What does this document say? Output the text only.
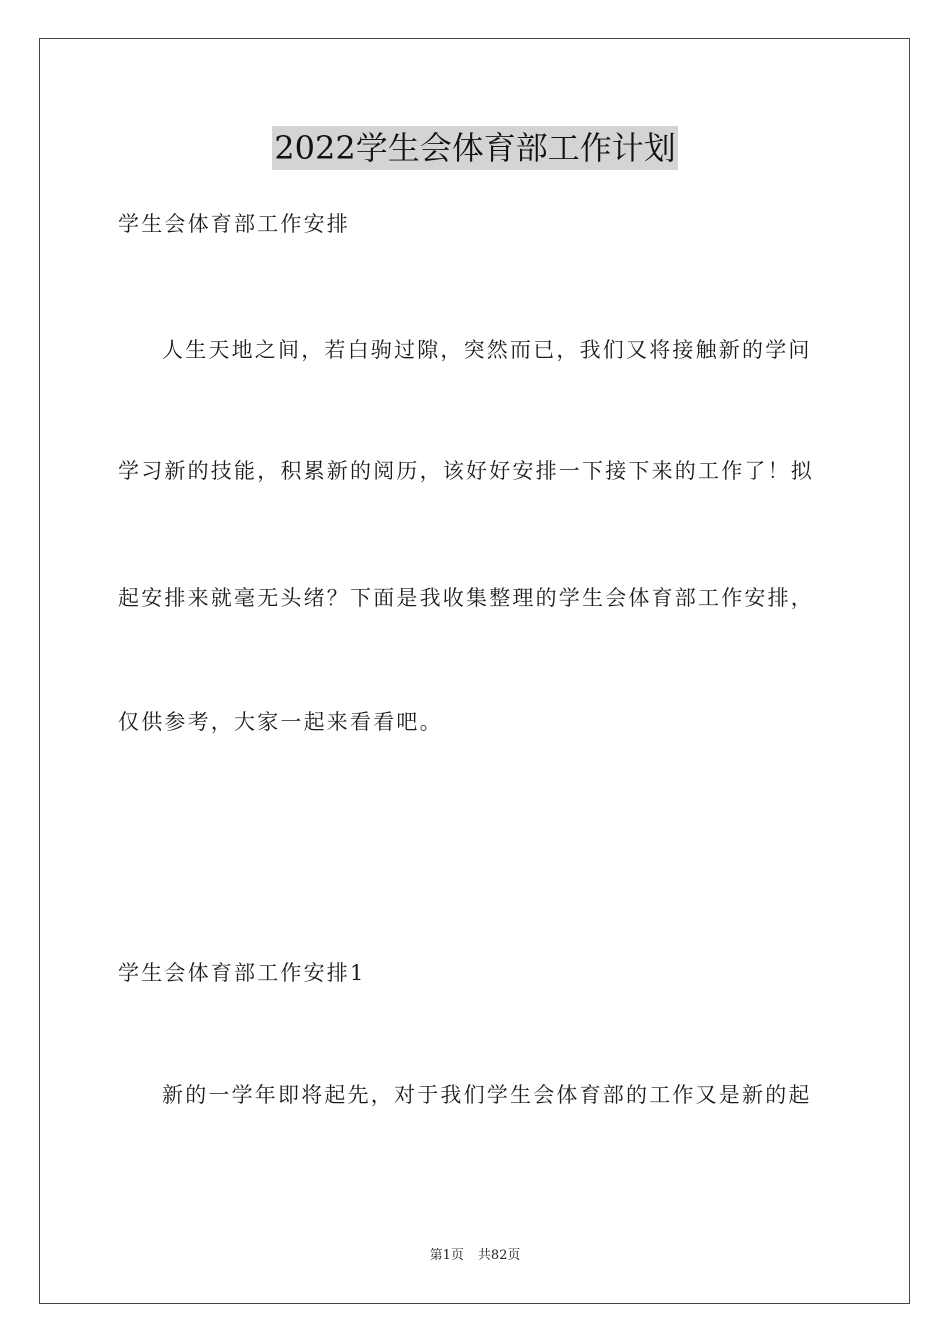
2022学生会体育部工作计划
学生会体育部工作安排
人生天地之间，若白驹过隙，突然而已，我们又将接触新的学问
学习新的技能，积累新的阅历，该好好安排一下接下来的工作了！拟
起安排来就毫无头绪？下面是我收集整理的学生会体育部工作安排，
仅供参考，大家一起来看看吧。
学生会体育部工作安排1
新的一学年即将起先，对于我们学生会体育部的工作又是新的起
第1页 共82页
